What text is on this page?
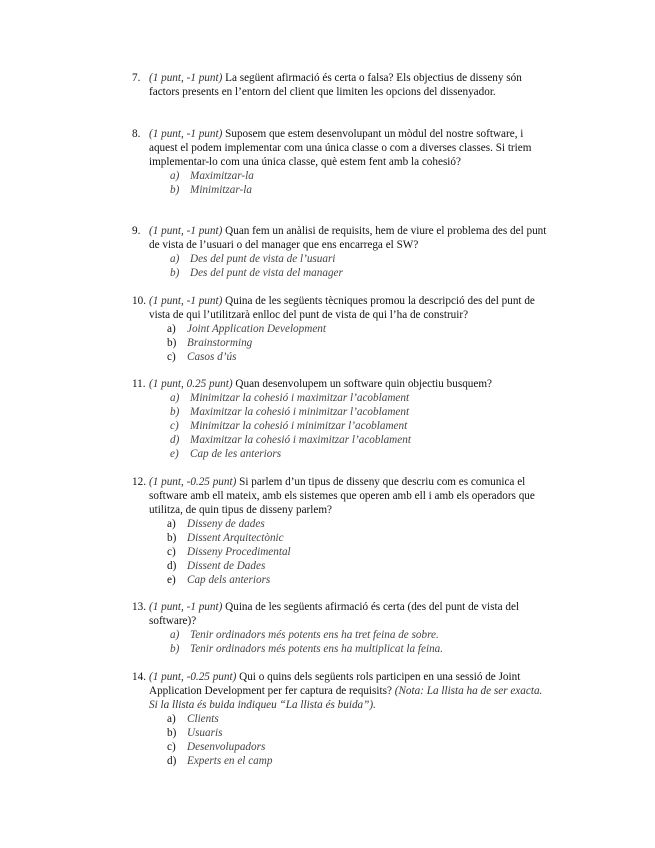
7. (1 punt, -1 punt) La següent afirmació és certa o falsa? Els objectius de disseny són factors presents en l’entorn del client que limiten les opcions del dissenyador.
8. (1 punt, -1 punt) Suposem que estem desenvolupant un mòdul del nostre software, i aquest el podem implementar com una única classe o com a diverses classes. Si triem implementar-lo com una única classe, què estem fent amb la cohesió?
a) Maximitzar-la
b) Minimitzar-la
9. (1 punt, -1 punt) Quan fem un anàlisi de requisits, hem de viure el problema des del punt de vista de l’usuari o del manager que ens encarrega el SW?
a) Des del punt de vista de l’usuari
b) Des del punt de vista del manager
10. (1 punt, -1 punt) Quina de les següents tècniques promou la descripció des del punt de vista de qui l’utilitzarà enlloc del punt de vista de qui l’ha de construir?
a)	Joint Application Development
b) Brainstorming
c)	Casos d’ús
11. (1 punt, 0.25 punt) Quan desenvolupem un software quin objectiu busquem?
a) Minimitzar la cohesió i maximitzar l’acoblament
b) Maximitzar la cohesió i minimitzar l’acoblament
c)	Minimitzar la cohesió i minimitzar l’acoblament
d) Maximitzar la cohesió i maximitzar l’acoblament
e)	Cap de les anteriors
12. (1 punt, -0.25 punt) Si parlem d’un tipus de disseny que descriu com es comunica el software amb ell mateix, amb els sistemes que operen amb ell i amb els operadors que utilitza, de quin tipus de disseny parlem?
a)	Disseny de dades
b) Dissent Arquitectònic
c)	Disseny Procedimental
d) Dissent de Dades
e)	Cap dels anteriors
13. (1 punt, -1 punt) Quina de les següents afirmació és certa (des del punt de vista del software)?
a) Tenir ordinadors més potents ens ha tret feina de sobre.
b) Tenir ordinadors més potents ens ha multiplicat la feina.
14. (1 punt, -0.25 punt) Qui o quins dels següents rols participen en una sessió de Joint Application Development per fer captura de requisits? (Nota: La llista ha de ser exacta. Si la llista és buida indiqueu “La llista és buida”).
a)	Clients
b) Usuaris
c)	Desenvolupadors
d) Experts en el camp
